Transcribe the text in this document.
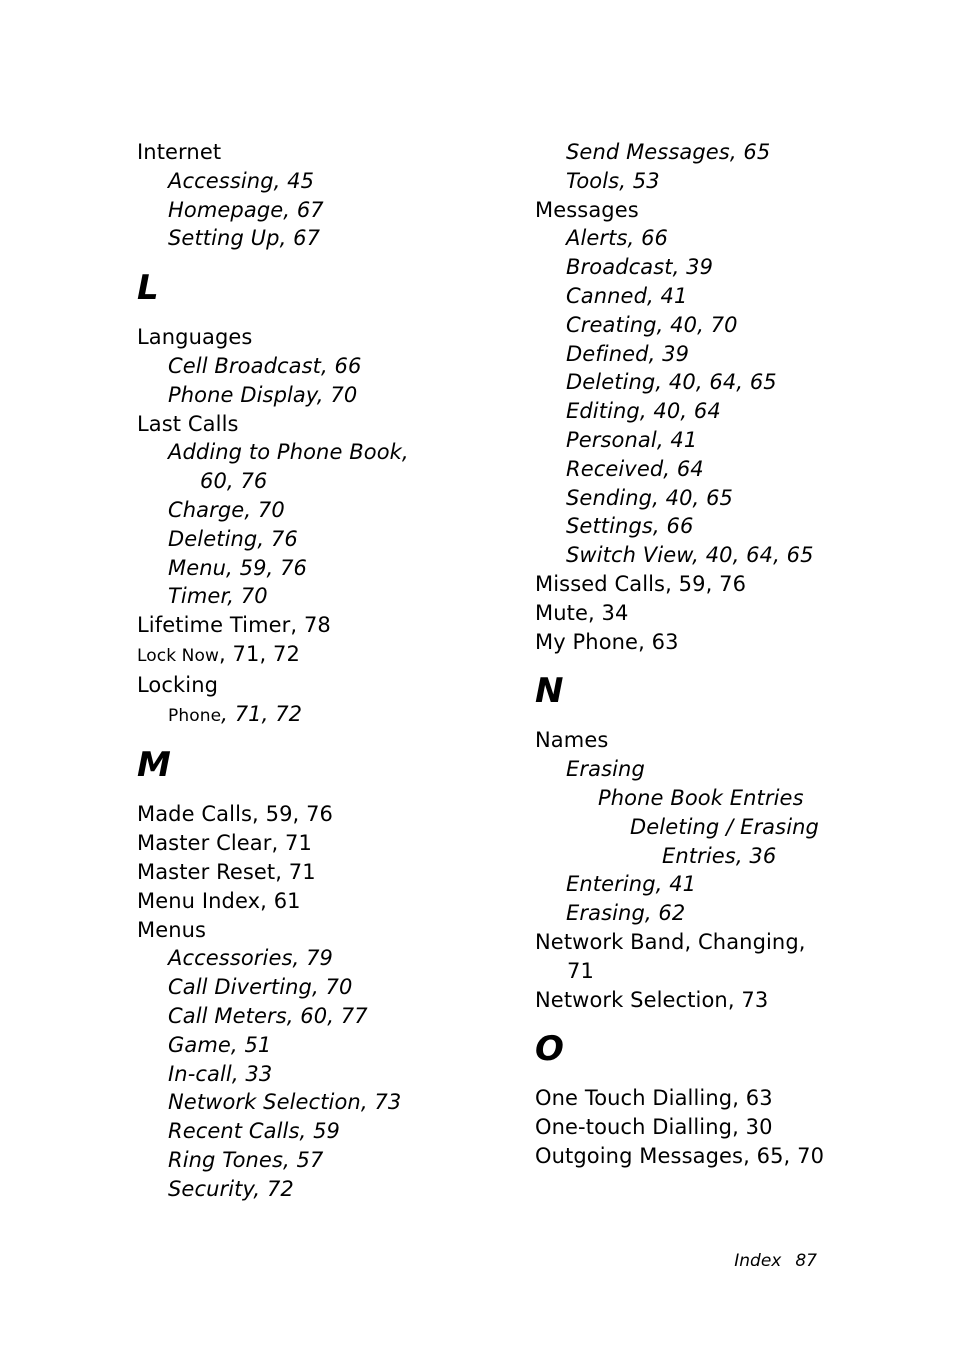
Internet
Accessing, 45
Homepage, 67
Setting Up, 67
L
Languages
Cell Broadcast, 66
Phone Display, 70
Last Calls
Adding to Phone Book,
60, 76
Charge, 70
Deleting, 76
Menu, 59, 76
Timer, 70
Lifetime Timer, 78
Lock Now, 71, 72
Locking
Phone, 71, 72
M
Made Calls, 59, 76
Master Clear, 71
Master Reset, 71
Menu Index, 61
Menus
Accessories, 79
Call Diverting, 70
Call Meters, 60, 77
Game, 51
In-call, 33
Network Selection, 73
Recent Calls, 59
Ring Tones, 57
Security, 72
Send Messages, 65
Tools, 53
Messages
Alerts, 66
Broadcast, 39
Canned, 41
Creating, 40, 70
Defined, 39
Deleting, 40, 64, 65
Editing, 40, 64
Personal, 41
Received, 64
Sending, 40, 65
Settings, 66
Switch View, 40, 64, 65
Missed Calls, 59, 76
Mute, 34
My Phone, 63
N
Names
Erasing
Phone Book Entries
Deleting / Erasing
Entries, 36
Entering, 41
Erasing, 62
Network Band, Changing,
71
Network Selection, 73
O
One Touch Dialling, 63
One-touch Dialling, 30
Outgoing Messages, 65, 70
Index 87
